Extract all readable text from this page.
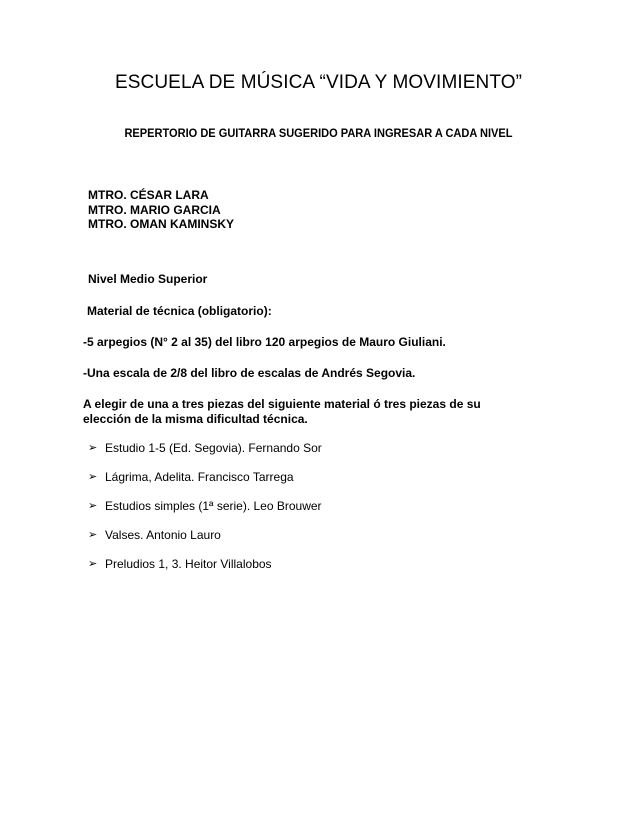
ESCUELA DE MÚSICA “VIDA Y MOVIMIENTO”
REPERTORIO DE GUITARRA SUGERIDO PARA INGRESAR A CADA NIVEL
MTRO. CÉSAR LARA
MTRO. MARIO GARCIA
MTRO. OMAN KAMINSKY
Nivel Medio Superior
Material de técnica (obligatorio):
-5 arpegios (N° 2 al 35) del libro 120 arpegios de Mauro Giuliani.
-Una escala de 2/8 del libro de escalas de Andrés Segovia.
A elegir de una a tres piezas del siguiente material ó tres piezas de su elección de la misma dificultad técnica.
➢ Estudio 1-5 (Ed. Segovia). Fernando Sor
➢ Lágrima, Adelita. Francisco Tarrega
➢ Estudios simples (1ª serie). Leo Brouwer
➢ Valses. Antonio Lauro
➢ Preludios 1, 3. Heitor Villalobos
